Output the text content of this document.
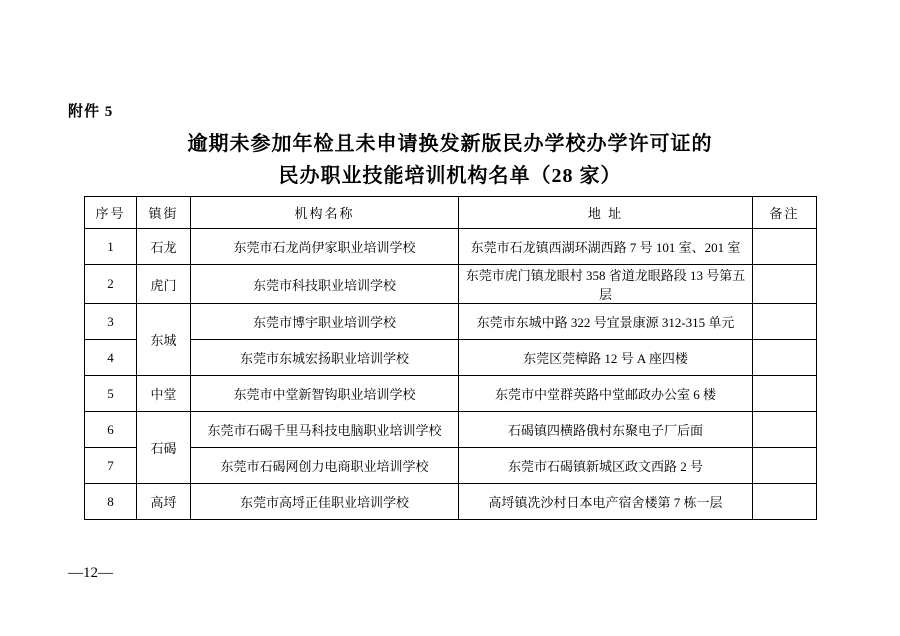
附件 5
逾期未参加年检且未申请换发新版民办学校办学许可证的
民办职业技能培训机构名单（28 家）
序号	镇街	机构名称	地 址	备注
1	石龙	东莞市石龙尚伊家职业培训学校	东莞市石龙镇西湖环湖西路 7 号 101 室、201 室	
2	虎门	东莞市科技职业培训学校	东莞市虎门镇龙眼村 358 省道龙眼路段 13 号第五层	
3	东城	东莞市博宇职业培训学校	东莞市东城中路 322 号宜景康源 312-315 单元	
4		东莞市东城宏扬职业培训学校	东莞区莞樟路 12 号 A 座四楼	
5	中堂	东莞市中堂新智钩职业培训学校	东莞市中堂群英路中堂邮政办公室 6 楼	
6	石碣	东莞市石碣千里马科技电脑职业培训学校	石碣镇四横路俄村东聚电子厂后面	
7		东莞市石碣网创力电商职业培训学校	东莞市石碣镇新城区政文西路 2 号	
8	高埒	东莞市高埒正佳职业培训学校	高埒镇冼沙村日本电产宿舍楼第 7 栋一层	
—12—
